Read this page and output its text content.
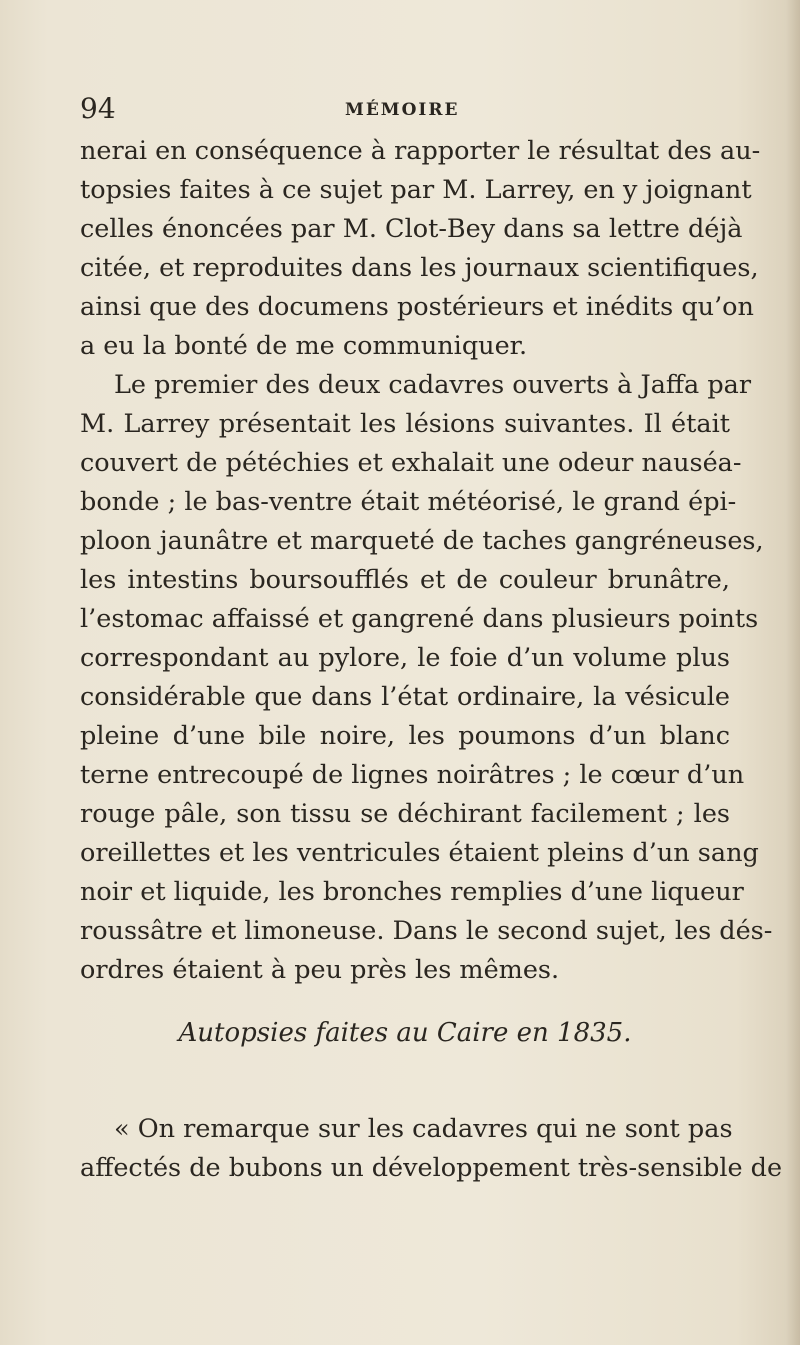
94	MÉMOIRE
nerai en conséquence à rapporter le résultat des au-
topsies faites à ce sujet par M. Larrey, en y joignant
celles énoncées par M. Clot-Bey dans sa lettre déjà
citée, et reproduites dans les journaux scientifiques,
ainsi que des documens postérieurs et inédits qu’on
a eu la bonté de me communiquer.
Le premier des deux cadavres ouverts à Jaffa par
M. Larrey présentait les lésions suivantes. Il était
couvert de pétéchies et exhalait une odeur nauséa-
bonde ; le bas-ventre était météorisé, le grand épi-
ploon jaunâtre et marqueté de taches gangréneuses,
les intestins boursoufflés et de couleur brunâtre,
l’estomac affaissé et gangrené dans plusieurs points
correspondant au pylore, le foie d’un volume plus
considérable que dans l’état ordinaire, la vésicule
pleine d’une bile noire, les poumons d’un blanc
terne entrecoupé de lignes noirâtres ; le cœur d’un
rouge pâle, son tissu se déchirant facilement ; les
oreillettes et les ventricules étaient pleins d’un sang
noir et liquide, les bronches remplies d’une liqueur
roussâtre et limoneuse. Dans le second sujet, les dés-
ordres étaient à peu près les mêmes.
Autopsies faites au Caire en 1835.
« On remarque sur les cadavres qui ne sont pas
affectés de bubons un développement très-sensible de
